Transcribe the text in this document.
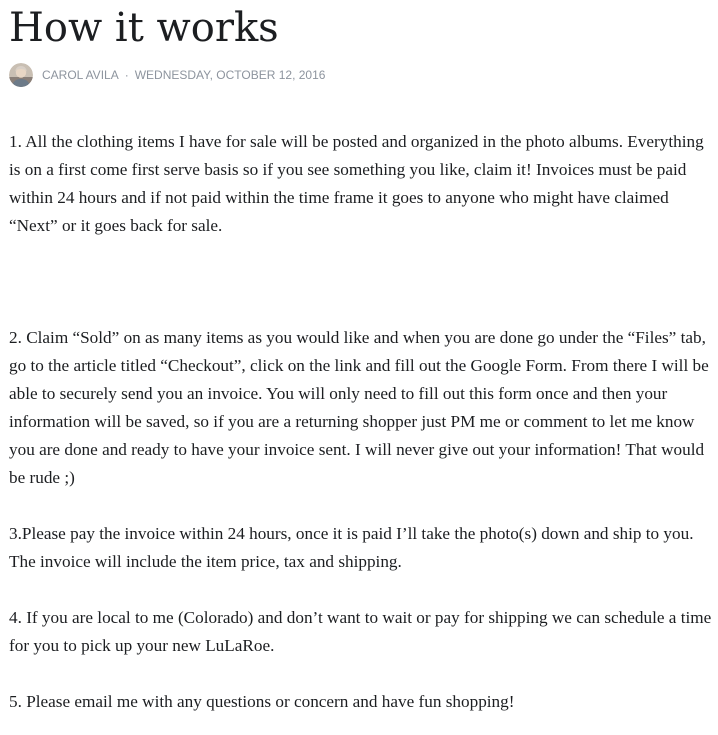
How it works
CAROL AVILA · WEDNESDAY, OCTOBER 12, 2016

1. All the clothing items I have for sale will be posted and organized in the photo albums. Everything is on a first come first serve basis so if you see something you like, claim it! Invoices must be paid within 24 hours and if not paid within the time frame it goes to anyone who might have claimed “Next” or it goes back for sale.

2. Claim “Sold” on as many items as you would like and when you are done go under the “Files” tab, go to the article titled “Checkout”, click on the link and fill out the Google Form. From there I will be able to securely send you an invoice. You will only need to fill out this form once and then your information will be saved, so if you are a returning shopper just PM me or comment to let me know you are done and ready to have your invoice sent. I will never give out your information! That would be rude ;)

3.Please pay the invoice within 24 hours, once it is paid I’ll take the photo(s) down and ship to you. The invoice will include the item price, tax and shipping.

4. If you are local to me (Colorado) and don’t want to wait or pay for shipping we can schedule a time for you to pick up your new LuLaRoe.

5. Please email me with any questions or concern and have fun shopping!
